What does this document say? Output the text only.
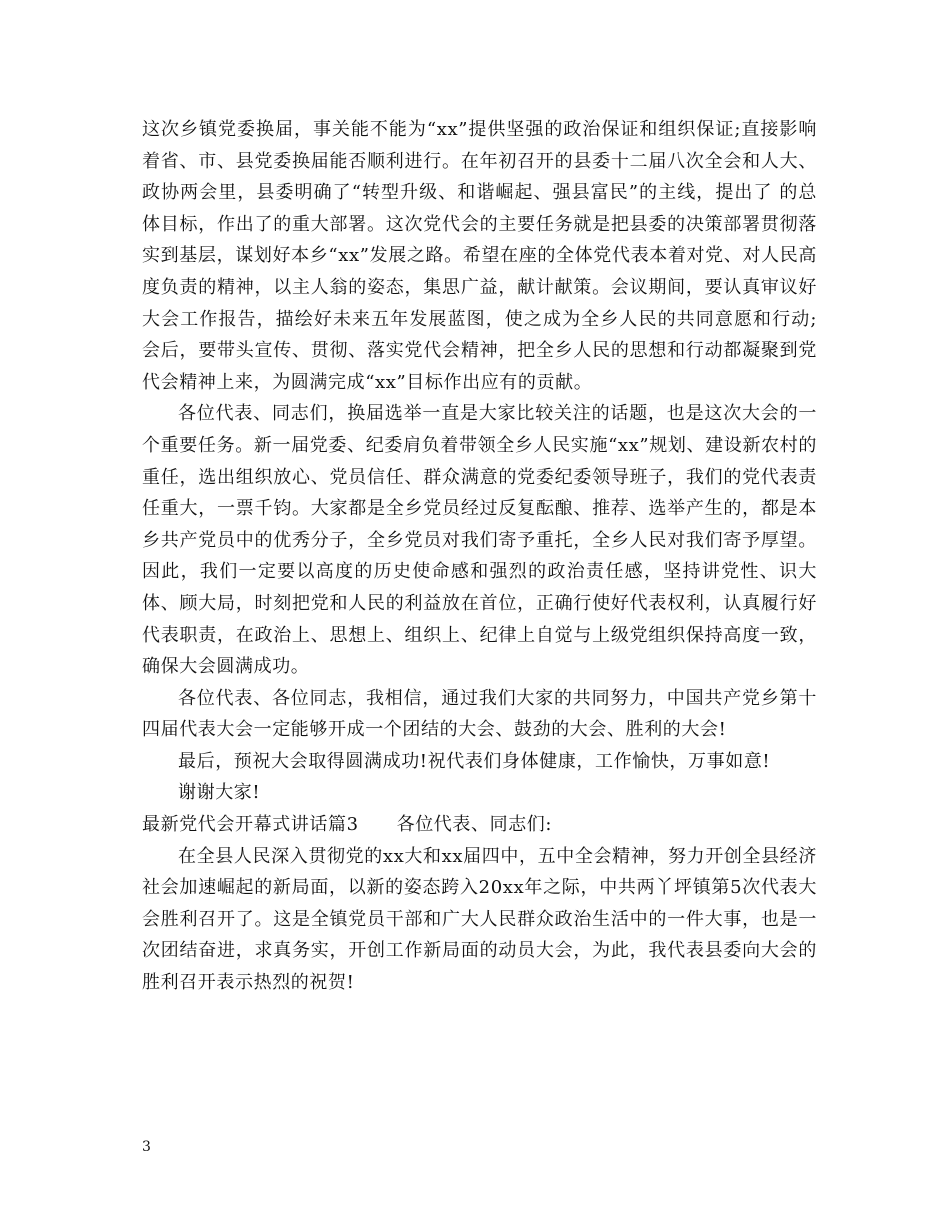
这次乡镇党委换届，事关能不能为“xx”提供坚强的政治保证和组织保证;直接影响着省、市、县党委换届能否顺利进行。在年初召开的县委十二届八次全会和人大、政协两会里，县委明确了“转型升级、和谐崛起、强县富民”的主线，提出了 的总体目标，作出了的重大部署。这次党代会的主要任务就是把县委的决策部署贯彻落实到基层，谋划好本乡“xx”发展之路。希望在座的全体党代表本着对党、对人民高度负责的精神，以主人翁的姿态，集思广益，献计献策。会议期间，要认真审议好大会工作报告，描绘好未来五年发展蓝图，使之成为全乡人民的共同意愿和行动;会后，要带头宣传、贯彻、落实党代会精神，把全乡人民的思想和行动都凝聚到党代会精神上来，为圆满完成“xx”目标作出应有的贡献。

各位代表、同志们，换届选举一直是大家比较关注的话题，也是这次大会的一个重要任务。新一届党委、纪委肩负着带领全乡人民实施“xx”规划、建设新农村的重任，选出组织放心、党员信任、群众满意的党委纪委领导班子，我们的党代表责任重大，一票千钧。大家都是全乡党员经过反复酝酿、推荐、选举产生的，都是本乡共产党员中的优秀分子，全乡党员对我们寄予重托，全乡人民对我们寄予厚望。因此，我们一定要以高度的历史使命感和强烈的政治责任感，坚持讲党性、识大体、顾大局，时刻把党和人民的利益放在首位，正确行使好代表权利，认真履行好代表职责，在政治上、思想上、组织上、纪律上自觉与上级党组织保持高度一致，确保大会圆满成功。

各位代表、各位同志，我相信，通过我们大家的共同努力，中国共产党乡第十四届代表大会一定能够开成一个团结的大会、鼓劲的大会、胜利的大会!

最后，预祝大会取得圆满成功!祝代表们身体健康，工作愉快，万事如意!

谢谢大家!

最新党代会开幕式讲话篇3 各位代表、同志们:

在全县人民深入贯彻党的xx大和xx届四中，五中全会精神，努力开创全县经济社会加速崛起的新局面，以新的姿态跨入20xx年之际，中共两丫坪镇第5次代表大会胜利召开了。这是全镇党员干部和广大人民群众政治生活中的一件大事，也是一次团结奋进，求真务实，开创工作新局面的动员大会，为此，我代表县委向大会的胜利召开表示热烈的祝贺!

3
